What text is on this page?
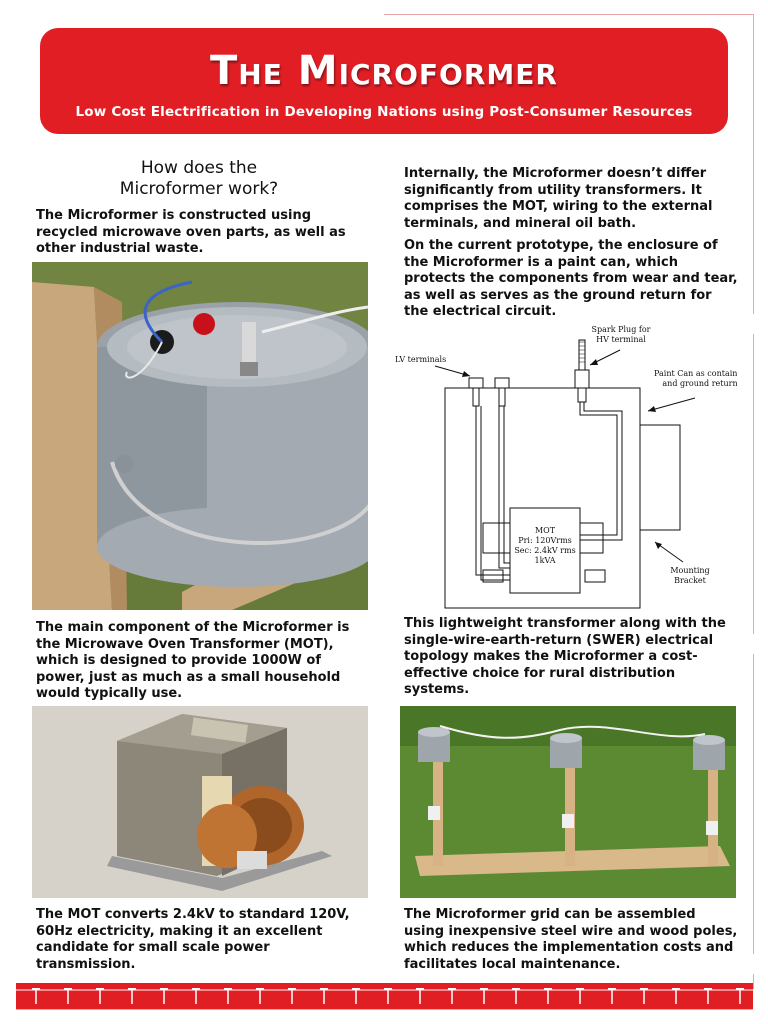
The Microformer
Low Cost Electrification in Developing Nations using Post-Consumer Resources
How does the
Microformer work?
The Microformer is constructed using recycled microwave oven parts, as well as other industrial waste.
The main component of the Microformer is the Microwave Oven Transformer (MOT), which is designed to provide 1000W of power, just as much as a small household would typically use.
The MOT converts 2.4kV to standard 120V, 60Hz electricity, making it an excellent candidate for small scale power transmission.
Internally, the Microformer doesn’t differ significantly from utility transformers. It comprises the MOT, wiring to the external terminals, and mineral oil bath.
On the current prototype, the enclosure of the Microformer is a paint can, which protects the components from wear and tear, as well as serves as the ground return for the electrical circuit.
Spark Plug for
HV terminal
LV terminals
Paint Can as container
and ground return
MOT
Pri: 120Vrms
Sec: 2.4kV rms
1kVA
Mounting
Bracket
This lightweight transformer along with the single-wire-earth-return (SWER) electrical topology makes the Microformer a cost-effective choice for rural distribution systems.
The Microformer grid can be assembled using inexpensive steel wire and wood poles, which reduces the implementation costs and facilitates local maintenance.
